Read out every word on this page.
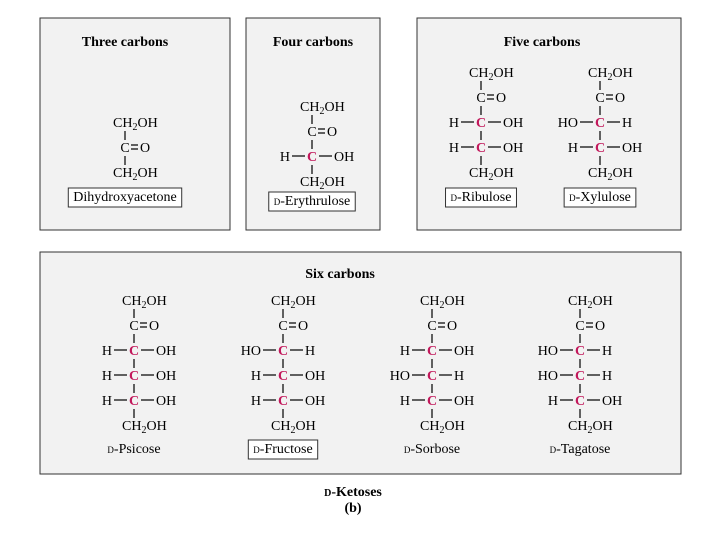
Three carbons	Four carbons	Five carbons
Six carbons
$CH_2OH$
C O
$CH_2OH$
Dihydroxyacetone
$CH_2OH$
C O
C
H	OH
$CH_2OH$
D-Erythrulose
$CH_2OH$
C O
C
H	OH
C
H	OH
$CH_2OH$
D-Ribulose
$CH_2OH$
C O
C
HO	H
C
H	OH
$CH_2OH$
D-Xylulose
$CH_2OH$
C O
C
H	OH
C
H	OH
C
H	OH
$CH_2OH$
D-Psicose
$CH_2OH$
C O
C
HO	H
C
H	OH
C
H	OH
$CH_2OH$
D-Fructose
$CH_2OH$
C O
C
H	OH
C
HO	H
C
H	OH
$CH_2OH$
D-Sorbose
$CH_2OH$
C O
C
HO	H
C
HO	H
C
H	OH
$CH_2OH$
D-Tagatose
D-Ketoses
(b)
